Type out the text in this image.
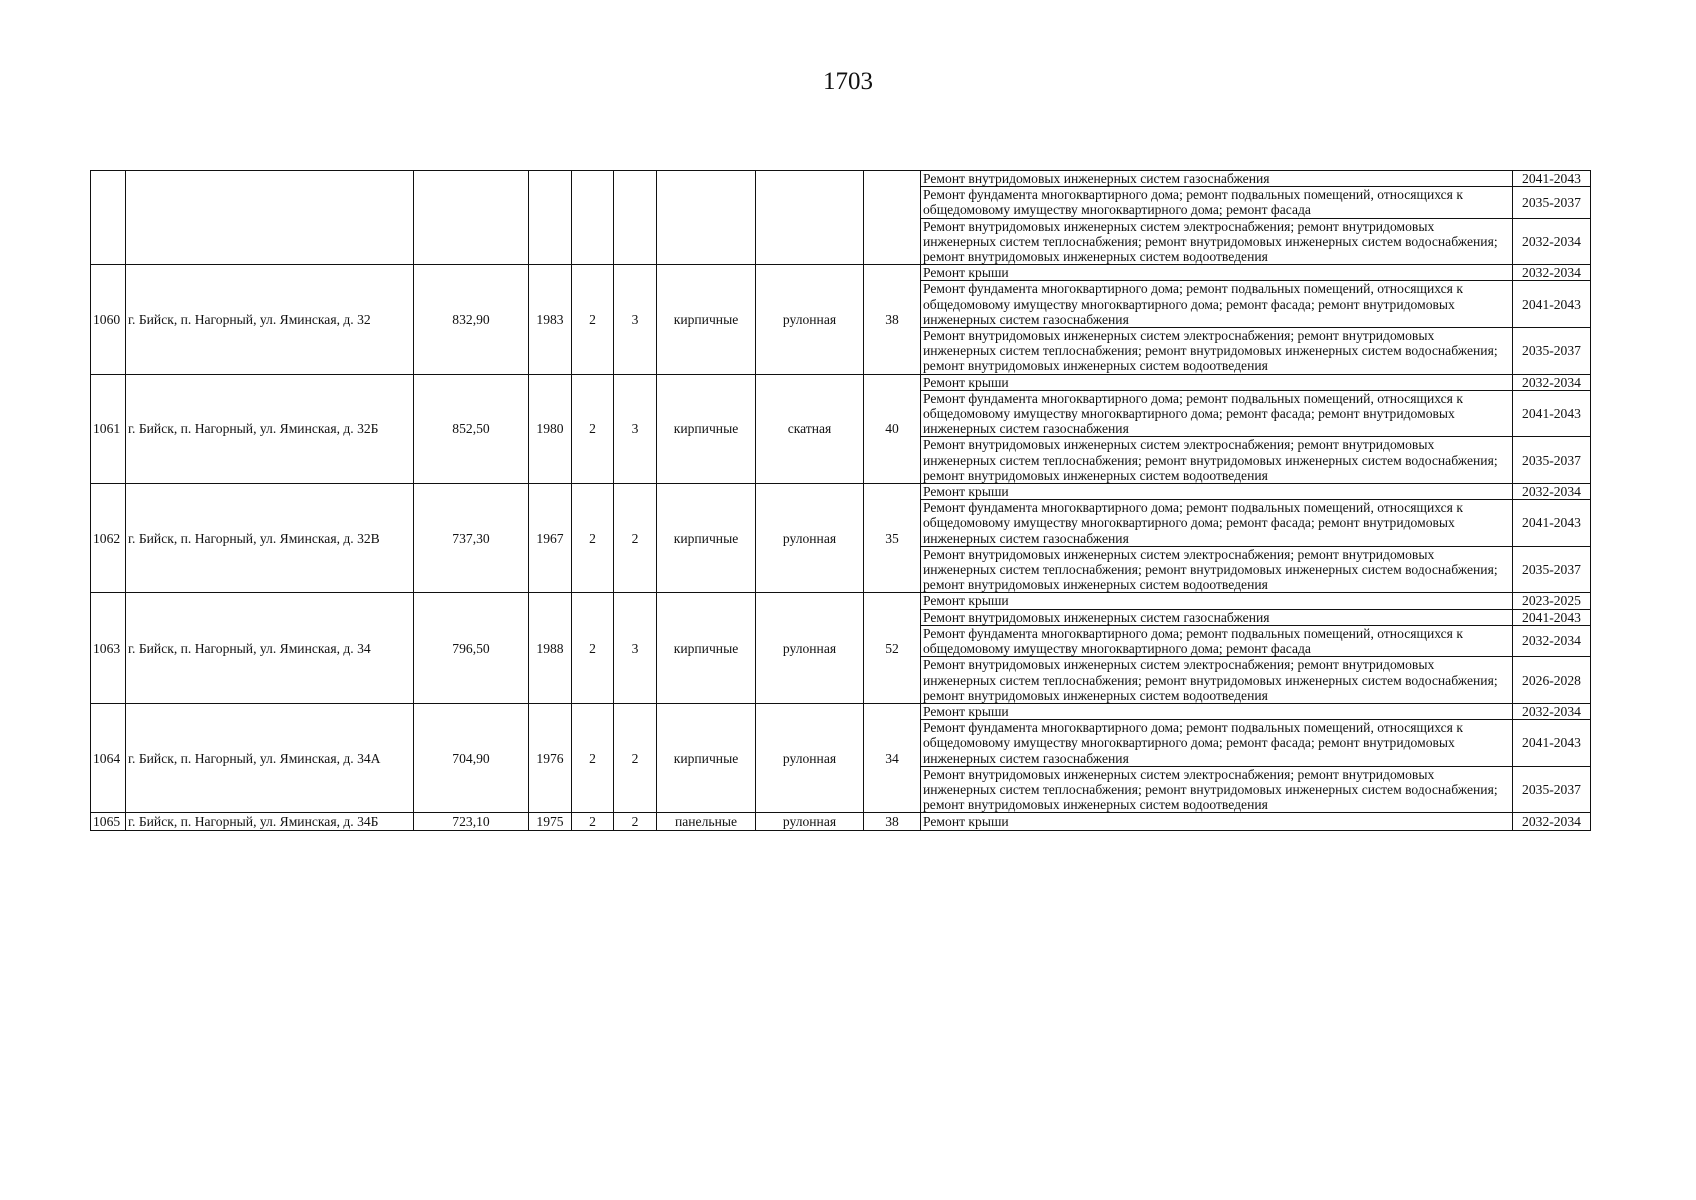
1703
									Ремонт внутридомовых инженерных систем газоснабжения	2041-2043
									Ремонт фундамента многоквартирного дома; ремонт подвальных помещений, относящихся к общедомовому имуществу многоквартирного дома; ремонт фасада	2035-2037
									Ремонт внутридомовых инженерных систем электроснабжения; ремонт внутридомовых инженерных систем теплоснабжения; ремонт внутридомовых инженерных систем водоснабжения; ремонт внутридомовых инженерных систем водоотведения	2032-2034
1060	г. Бийск, п. Нагорный, ул. Яминская, д. 32	832,90	1983	2	3	кирпичные	рулонная	38	Ремонт крыши	2032-2034
									Ремонт фундамента многоквартирного дома; ремонт подвальных помещений, относящихся к общедомовому имуществу многоквартирного дома; ремонт фасада; ремонт внутридомовых инженерных систем газоснабжения	2041-2043
									Ремонт внутридомовых инженерных систем электроснабжения; ремонт внутридомовых инженерных систем теплоснабжения; ремонт внутридомовых инженерных систем водоснабжения; ремонт внутридомовых инженерных систем водоотведения	2035-2037
1061	г. Бийск, п. Нагорный, ул. Яминская, д. 32Б	852,50	1980	2	3	кирпичные	скатная	40	Ремонт крыши	2032-2034
									Ремонт фундамента многоквартирного дома; ремонт подвальных помещений, относящихся к общедомовому имуществу многоквартирного дома; ремонт фасада; ремонт внутридомовых инженерных систем газоснабжения	2041-2043
									Ремонт внутридомовых инженерных систем электроснабжения; ремонт внутридомовых инженерных систем теплоснабжения; ремонт внутридомовых инженерных систем водоснабжения; ремонт внутридомовых инженерных систем водоотведения	2035-2037
1062	г. Бийск, п. Нагорный, ул. Яминская, д. 32В	737,30	1967	2	2	кирпичные	рулонная	35	Ремонт крыши	2032-2034
									Ремонт фундамента многоквартирного дома; ремонт подвальных помещений, относящихся к общедомовому имуществу многоквартирного дома; ремонт фасада; ремонт внутридомовых инженерных систем газоснабжения	2041-2043
									Ремонт внутридомовых инженерных систем электроснабжения; ремонт внутридомовых инженерных систем теплоснабжения; ремонт внутридомовых инженерных систем водоснабжения; ремонт внутридомовых инженерных систем водоотведения	2035-2037
1063	г. Бийск, п. Нагорный, ул. Яминская, д. 34	796,50	1988	2	3	кирпичные	рулонная	52	Ремонт крыши	2023-2025
									Ремонт внутридомовых инженерных систем газоснабжения	2041-2043
									Ремонт фундамента многоквартирного дома; ремонт подвальных помещений, относящихся к общедомовому имуществу многоквартирного дома; ремонт фасада	2032-2034
									Ремонт внутридомовых инженерных систем электроснабжения; ремонт внутридомовых инженерных систем теплоснабжения; ремонт внутридомовых инженерных систем водоснабжения; ремонт внутридомовых инженерных систем водоотведения	2026-2028
1064	г. Бийск, п. Нагорный, ул. Яминская, д. 34А	704,90	1976	2	2	кирпичные	рулонная	34	Ремонт крыши	2032-2034
									Ремонт фундамента многоквартирного дома; ремонт подвальных помещений, относящихся к общедомовому имуществу многоквартирного дома; ремонт фасада; ремонт внутридомовых инженерных систем газоснабжения	2041-2043
									Ремонт внутридомовых инженерных систем электроснабжения; ремонт внутридомовых инженерных систем теплоснабжения; ремонт внутридомовых инженерных систем водоснабжения; ремонт внутридомовых инженерных систем водоотведения	2035-2037
1065	г. Бийск, п. Нагорный, ул. Яминская, д. 34Б	723,10	1975	2	2	панельные	рулонная	38	Ремонт крыши	2032-2034
